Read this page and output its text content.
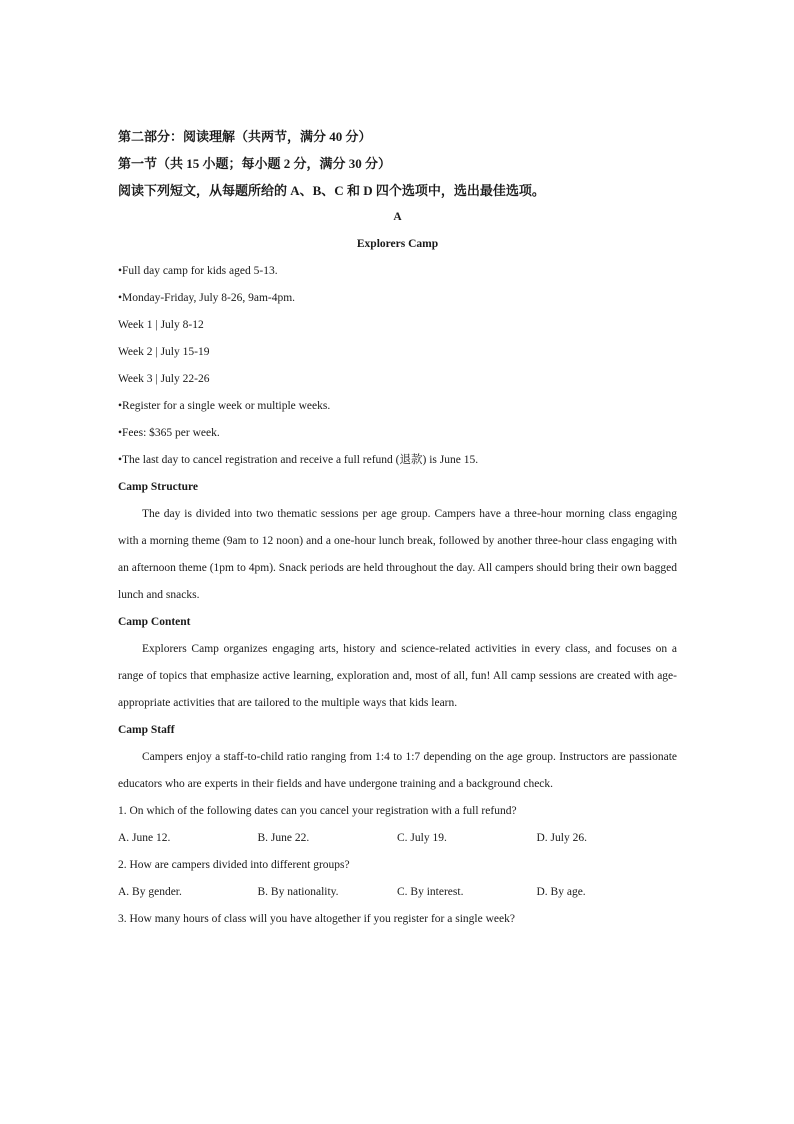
第二部分：阅读理解（共两节，满分 40 分）
第一节（共 15 小题；每小题 2 分，满分 30 分）
阅读下列短文，从每题所给的 A、B、C 和 D 四个选项中，选出最佳选项。
A
Explorers Camp
•Full day camp for kids aged 5-13.
•Monday-Friday, July 8-26, 9am-4pm.
Week 1 | July 8-12
Week 2 | July 15-19
Week 3 | July 22-26
•Register for a single week or multiple weeks.
•Fees: $365 per week.
•The last day to cancel registration and receive a full refund (退款) is June 15.
Camp Structure
The day is divided into two thematic sessions per age group. Campers have a three-hour morning class engaging with a morning theme (9am to 12 noon) and a one-hour lunch break, followed by another three-hour class engaging with an afternoon theme (1pm to 4pm). Snack periods are held throughout the day. All campers should bring their own bagged lunch and snacks.
Camp Content
Explorers Camp organizes engaging arts, history and science-related activities in every class, and focuses on a range of topics that emphasize active learning, exploration and, most of all, fun! All camp sessions are created with age-appropriate activities that are tailored to the multiple ways that kids learn.
Camp Staff
Campers enjoy a staff-to-child ratio ranging from 1:4 to 1:7 depending on the age group. Instructors are passionate educators who are experts in their fields and have undergone training and a background check.
1. On which of the following dates can you cancel your registration with a full refund?
A. June 12.	B. June 22.	C. July 19.	D. July 26.
2. How are campers divided into different groups?
A. By gender.	B. By nationality.	C. By interest.	D. By age.
3. How many hours of class will you have altogether if you register for a single week?
